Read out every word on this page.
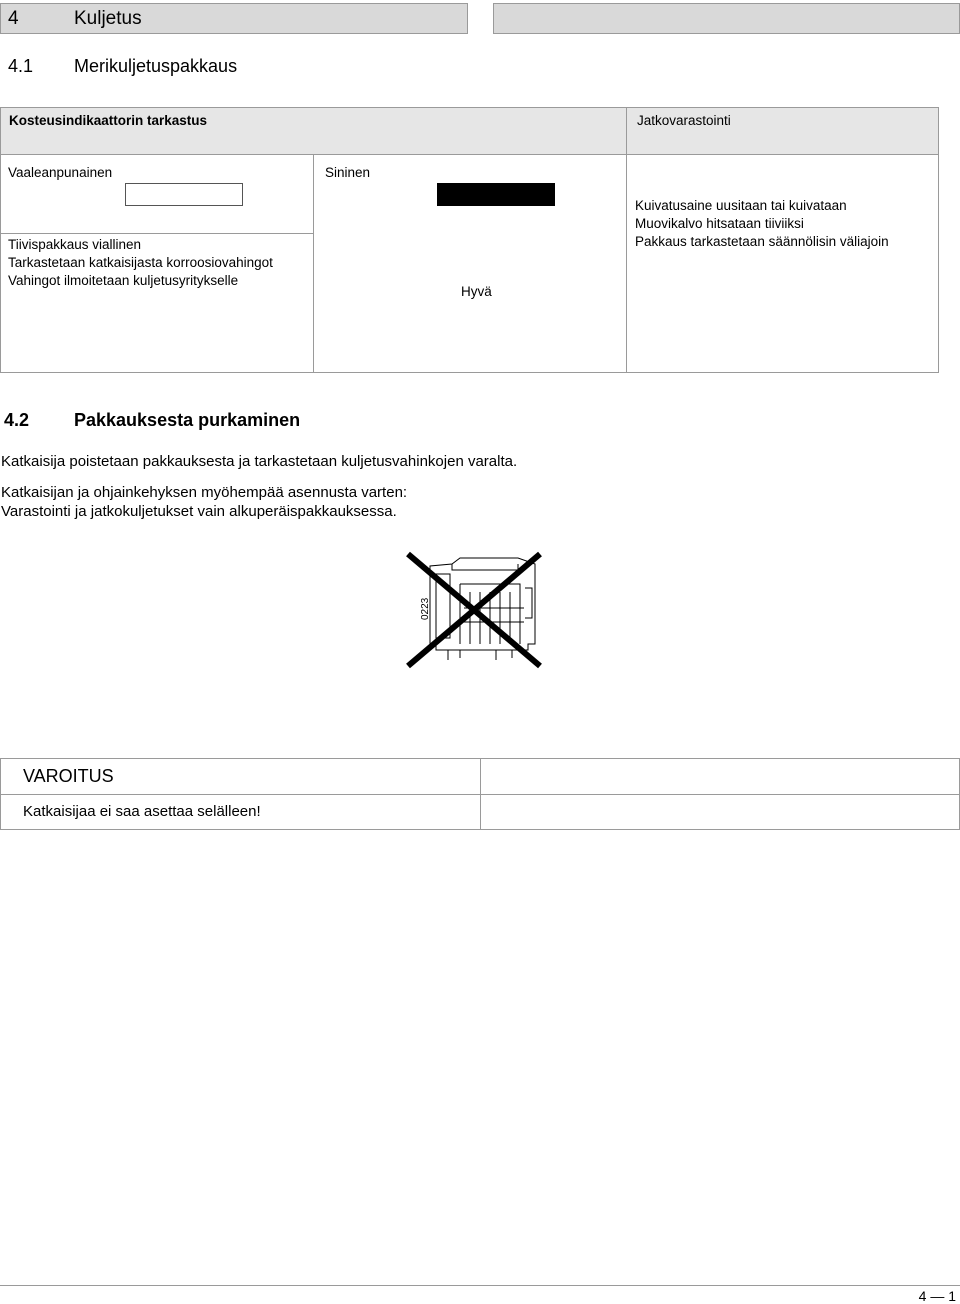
4	Kuljetus
4.1 Merikuljetuspakkaus
Kosteusindikaattorin tarkastus	Jatkovarastointi
Vaaleanpunainen
Tiivispakkaus viallinen
Tarkastetaan katkaisijasta korroosiovahingot
Vahingot ilmoitetaan kuljetusyritykselle
Sininen
Hyvä
Kuivatusaine uusitaan tai kuivataan
Muovikalvo hitsataan tiiviiksi
Pakkaus tarkastetaan säännölisin väliajoin
4.2 Pakkauksesta purkaminen
Katkaisija poistetaan pakkauksesta ja tarkastetaan kuljetusvahinkojen varalta.
Katkaisijan ja ohjainkehyksen myöhempää asennusta varten:
Varastointi ja jatkokuljetukset vain alkuperäispakkauksessa.
0223
VAROITUS
Katkaisijaa ei saa asettaa selälleen!
4 — 1
